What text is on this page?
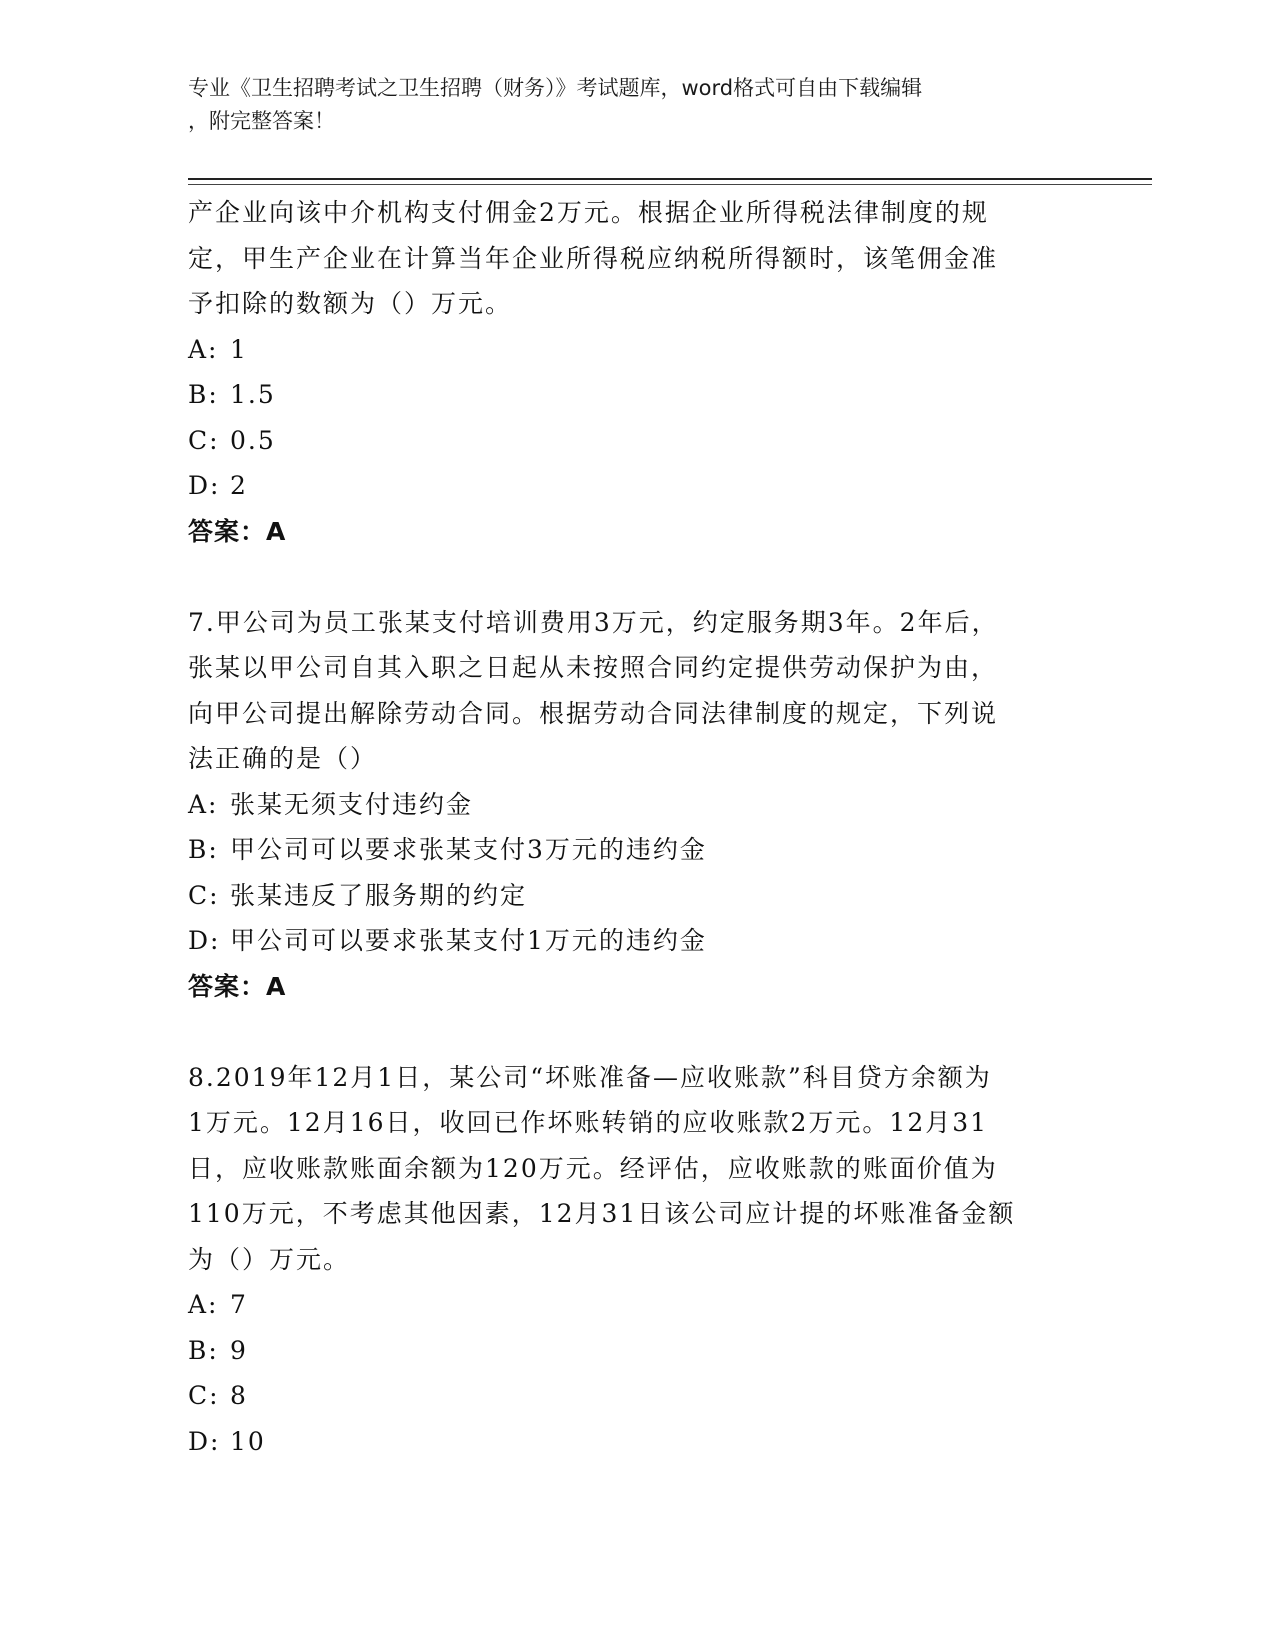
专业《卫生招聘考试之卫生招聘（财务）》考试题库，word格式可自由下载编辑
，附完整答案！
产企业向该中介机构支付佣金2万元。根据企业所得税法律制度的规
定，甲生产企业在计算当年企业所得税应纳税所得额时，该笔佣金准
予扣除的数额为（）万元。
A: 1
B: 1.5
C: 0.5
D: 2
答案：A
7.甲公司为员工张某支付培训费用3万元，约定服务期3年。2年后，
张某以甲公司自其入职之日起从未按照合同约定提供劳动保护为由，
向甲公司提出解除劳动合同。根据劳动合同法律制度的规定，下列说
法正确的是（）
A: 张某无须支付违约金
B: 甲公司可以要求张某支付3万元的违约金
C: 张某违反了服务期的约定
D: 甲公司可以要求张某支付1万元的违约金
答案：A
8.2019年12月1日，某公司“坏账准备—应收账款”科目贷方余额为
1万元。12月16日，收回已作坏账转销的应收账款2万元。12月31
日，应收账款账面余额为120万元。经评估，应收账款的账面价值为
110万元，不考虑其他因素，12月31日该公司应计提的坏账准备金额
为（）万元。
A: 7
B: 9
C: 8
D: 10
